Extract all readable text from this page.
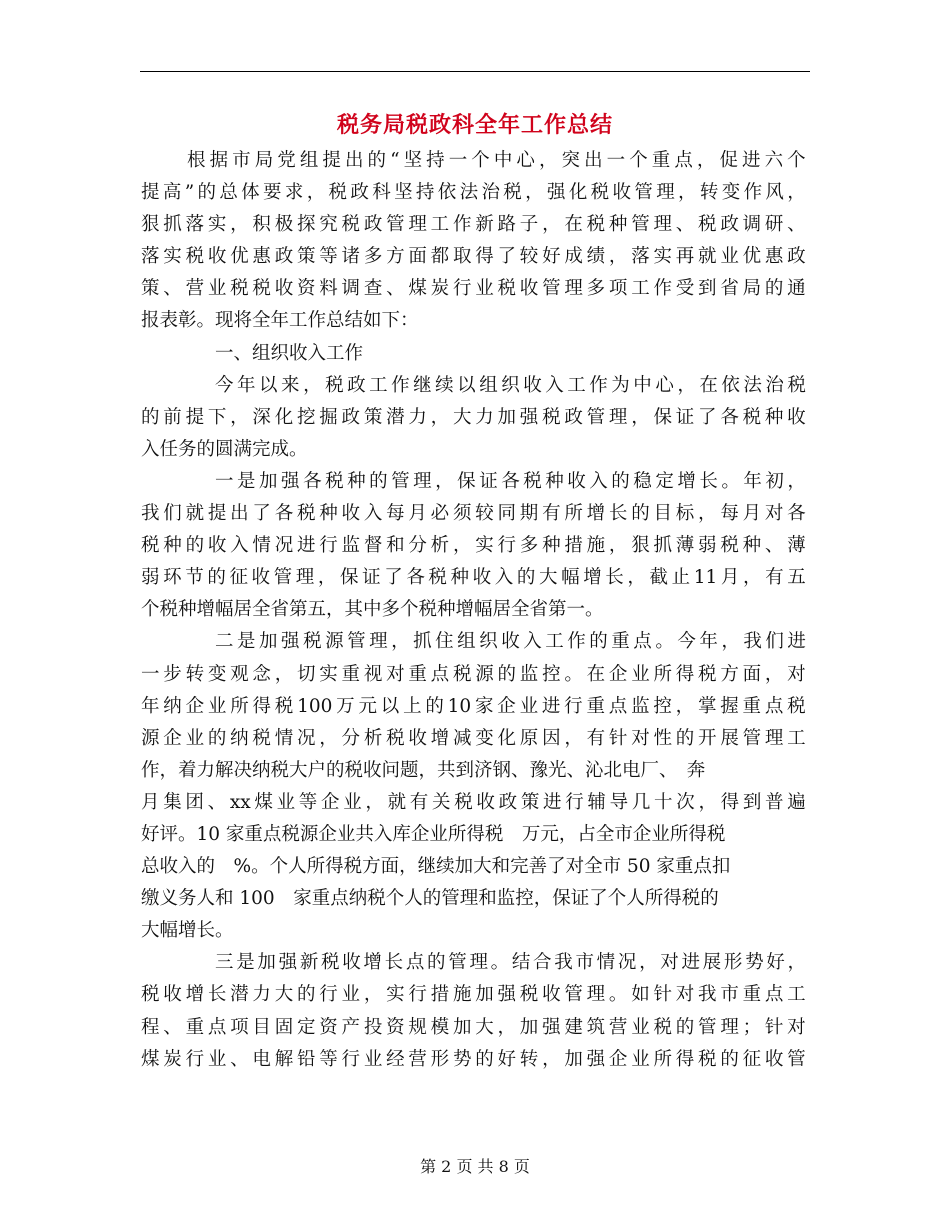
税务局税政科全年工作总结
根 据 市 局 党 组 提 出 的 “ 坚 持 一 个 中 心 ， 突 出 一 个 重 点 ， 促 进 六 个
提 高 ” 的 总 体 要 求 ， 税 政 科 坚 持 依 法 治 税 ， 强 化 税 收 管 理 ， 转 变 作 风 ，
狠 抓 落 实 ， 积 极 探 究 税 政 管 理 工 作 新 路 子 ， 在 税 种 管 理 、 税 政 调 研 、
落 实 税 收 优 惠 政 策 等 诸 多 方 面 都 取 得 了 较 好 成 绩 ， 落 实 再 就 业 优 惠 政
策 、 营 业 税 税 收 资 料 调 查 、 煤 炭 行 业 税 收 管 理 多 项 工 作 受 到 省 局 的 通
报表彰。现将全年工作总结如下：
一、组织收入工作
今 年 以 来 ， 税 政 工 作 继 续 以 组 织 收 入 工 作 为 中 心 ， 在 依 法 治 税
的 前 提 下 ， 深 化 挖 掘 政 策 潜 力 ， 大 力 加 强 税 政 管 理 ， 保 证 了 各 税 种 收
入任务的圆满完成。
一 是 加 强 各 税 种 的 管 理 ， 保 证 各 税 种 收 入 的 稳 定 增 长 。 年 初 ，
我 们 就 提 出 了 各 税 种 收 入 每 月 必 须 较 同 期 有 所 增 长 的 目 标 ， 每 月 对 各
税 种 的 收 入 情 况 进 行 监 督 和 分 析 ， 实 行 多 种 措 施 ， 狠 抓 薄 弱 税 种 、 薄
弱 环 节 的 征 收 管 理 ， 保 证 了 各 税 种 收 入 的 大 幅 增 长 ， 截 止 11 月 ， 有 五
个税种增幅居全省第五，其中多个税种增幅居全省第一。
二 是 加 强 税 源 管 理 ， 抓 住 组 织 收 入 工 作 的 重 点 。 今 年 ， 我 们 进
一 步 转 变 观 念 ， 切 实 重 视 对 重 点 税 源 的 监 控 。 在 企 业 所 得 税 方 面 ， 对
年 纳 企 业 所 得 税 100 万 元 以 上 的 10 家 企 业 进 行 重 点 监 控 ， 掌 握 重 点 税
源 企 业 的 纳 税 情 况 ， 分 析 税 收 增 减 变 化 原 因 ， 有 针 对 性 的 开 展 管 理 工
作，着力解决纳税大户的税收问题，共到济钢、豫光、沁北电厂、　奔
月 集 团 、 xx 煤 业 等 企 业 ， 就 有 关 税 收 政 策 进 行 辅 导 几 十 次 ， 得 到 普 遍
好评。10 家重点税源企业共入库企业所得税　万元，占全市企业所得税
总收入的　%。个人所得税方面，继续加大和完善了对全市 50 家重点扣
缴义务人和 100　家重点纳税个人的管理和监控，保证了个人所得税的
大幅增长。
三 是 加 强 新 税 收 增 长 点 的 管 理 。 结 合 我 市 情 况 ， 对 进 展 形 势 好 ，
税 收 增 长 潜 力 大 的 行 业 ， 实 行 措 施 加 强 税 收 管 理 。 如 针 对 我 市 重 点 工
程 、 重 点 项 目 固 定 资 产 投 资 规 模 加 大 ， 加 强 建 筑 营 业 税 的 管 理 ； 针 对
煤 炭 行 业 、 电 解 铅 等 行 业 经 营 形 势 的 好 转 ， 加 强 企 业 所 得 税 的 征 收 管
第 2 页 共 8 页
